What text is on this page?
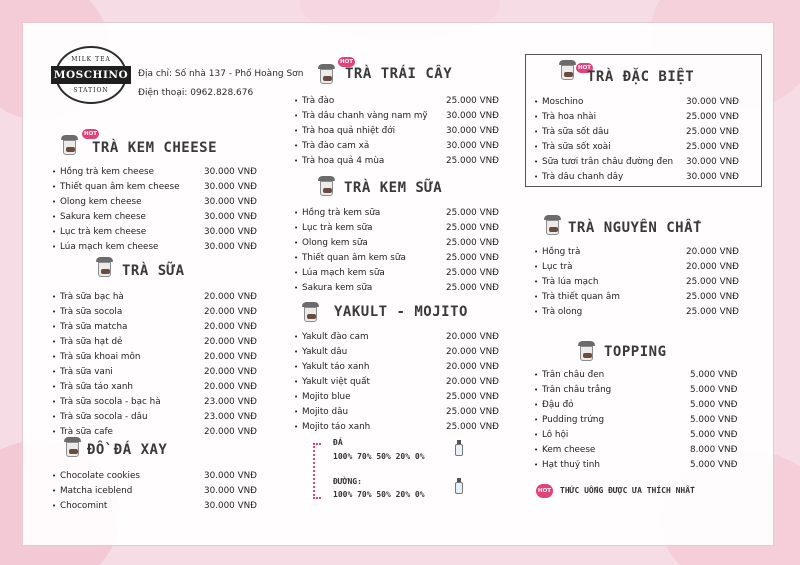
MILK TEA
MOSCHINO
STATION
Địa chỉ: Số nhà 137 - Phố Hoàng Sơn
Điện thoại: 0962.828.676
HOT
TRÀ KEM CHEESE
• Hồng trà kem cheese	30.000 VNĐ
• Thiết quan âm kem cheese	30.000 VNĐ
• Olong kem cheese	30.000 VNĐ
• Sakura kem cheese	30.000 VNĐ
• Lục trà kem cheese	30.000 VNĐ
• Lúa mạch kem cheese	30.000 VNĐ
TRÀ SỮA
• Trà sữa bạc hà	20.000 VNĐ
• Trà sữa socola	20.000 VNĐ
• Trà sữa matcha	20.000 VNĐ
• Trà sữa hạt dẻ	20.000 VNĐ
• Trà sữa khoai môn	20.000 VNĐ
• Trà sữa vani	20.000 VNĐ
• Trà sữa táo xanh	20.000 VNĐ
• Trà sữa socola - bạc hà	23.000 VNĐ
• Trà sữa socola - dâu	23.000 VNĐ
• Trà sữa cafe	20.000 VNĐ
ĐỒ ĐÁ XAY
• Chocolate cookies	30.000 VNĐ
• Matcha iceblend	30.000 VNĐ
• Chocomint	30.000 VNĐ
HOT
TRÀ TRÁI CÂY
• Trà đào	25.000 VNĐ
• Trà dâu chanh vàng nam mỹ	30.000 VNĐ
• Trà hoa quả nhiệt đới	30.000 VNĐ
• Trà đào cam xả	30.000 VNĐ
• Trà hoa quả 4 mùa	25.000 VNĐ
TRÀ KEM SỮA
• Hồng trà kem sữa	25.000 VNĐ
• Lục trà kem sữa	25.000 VNĐ
• Olong kem sữa	25.000 VNĐ
• Thiết quan âm kem sữa	25.000 VNĐ
• Lúa mạch kem sữa	25.000 VNĐ
• Sakura kem sữa	25.000 VNĐ
YAKULT - MOJITO
• Yakult đào cam	20.000 VNĐ
• Yakult dâu	20.000 VNĐ
• Yakult táo xanh	20.000 VNĐ
• Yakult việt quất	20.000 VNĐ
• Mojito blue	25.000 VNĐ
• Mojito dâu	25.000 VNĐ
• Mojito táo xanh	25.000 VNĐ
ĐÁ
100% 70% 50% 20% 0%
ĐƯỜNG:
100% 70% 50% 20% 0%
HOT
TRÀ ĐẶC BIỆT
• Moschino	30.000 VNĐ
• Trà hoa nhài	25.000 VNĐ
• Trà sữa sốt dâu	25.000 VNĐ
• Trà sữa sốt xoài	25.000 VNĐ
• Sữa tươi trân châu đường đen	30.000 VNĐ
• Trà dâu chanh dây	30.000 VNĐ
TRÀ NGUYÊN CHẤT
• Hồng trà	20.000 VNĐ
• Lục trà	20.000 VNĐ
• Trà lúa mạch	25.000 VNĐ
• Trà thiết quan âm	25.000 VNĐ
• Trà olong	25.000 VNĐ
TOPPING
• Trân châu đen	5.000 VNĐ
• Trân châu trắng	5.000 VNĐ
• Đậu đỏ	5.000 VNĐ
• Pudding trứng	5.000 VNĐ
• Lô hội	5.000 VNĐ
• Kem cheese	8.000 VNĐ
• Hạt thuỷ tinh	5.000 VNĐ
HOT THỨC UỐNG ĐƯỢC ƯA THÍCH NHẤT
